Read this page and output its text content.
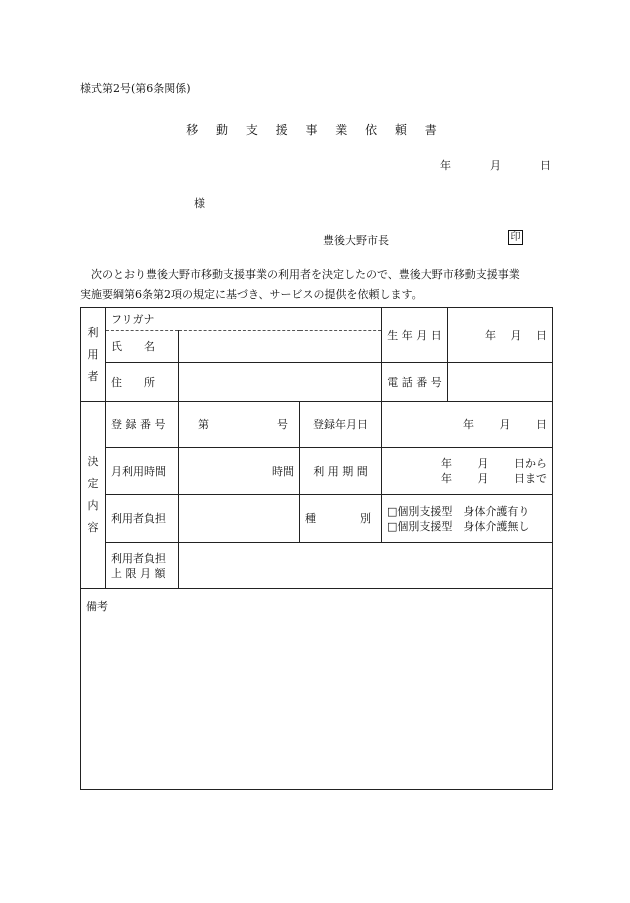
様式第2号(第6条関係)
移 動 支 援 事 業 依 頼 書
年	月	日
様
豊後大野市長	印

　次のとおり豊後大野市移動支援事業の利用者を決定したので、豊後大野市移動支援事業

実施要綱第6条第2項の規定に基づき、サービスの提供を依頼します。

利
用
者	フリガナ			生 年 月 日	年　 月　 日
	氏　　名				
	住　　所			電 話 番 号	

決
定
内
容	登 録 番 号	第 号	登録年月日	年　　 月　　 日	
	月利用時間	時間	利 用 期 間	年　　 月　　 日から
年　　 月　　 日まで	

	利用者負担		種　　　　別	□個別支援型　身体介護有り
□個別支援型　身体介護無し	

	利用者負担
上 限 月 額				

備考					
